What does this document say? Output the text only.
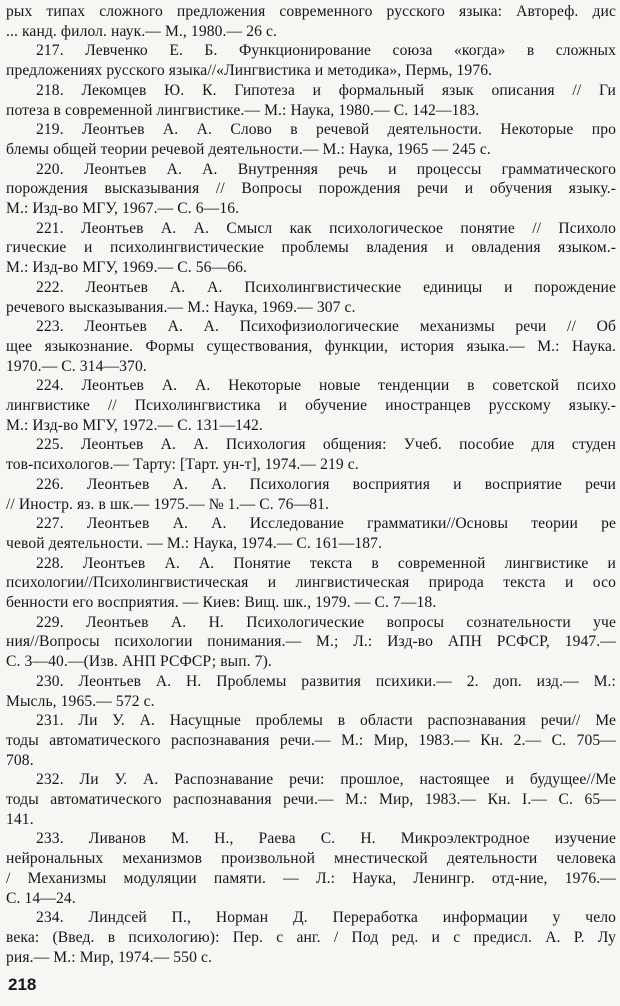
рых типах сложного предложения современного русского языка: Автореф. дис
... канд. филол. наук.— М., 1980.— 26 с.
217. Левченко Е. Б. Функционирование союза «когда» в сложных
предложениях русского языка//«Лингвистика и методика», Пермь, 1976.
218. Лекомцев Ю. К. Гипотеза и формальный язык описания // Ги
потеза в современной лингвистике.— М.: Наука, 1980.— С. 142—183.
219. Леонтьев А. А. Слово в речевой деятельности. Некоторые про
блемы общей теории речевой деятельности.— М.: Наука, 1965 — 245 с.
220. Леонтьев А. А. Внутренняя речь и процессы грамматического
порождения высказывания // Вопросы порождения речи и обучения языку.-
М.: Изд-во МГУ, 1967.— С. 6—16.
221. Леонтьев А. А. Смысл как психологическое понятие // Психоло
гические и психолингвистические проблемы владения и овладения языком.-
М.: Изд-во МГУ, 1969.— С. 56—66.
222. Леонтьев А. А. Психолингвистические единицы и порождение
речевого высказывания.— М.: Наука, 1969.— 307 с.
223. Леонтьев А. А. Психофизиологические механизмы речи // Об
щее языкознание. Формы существования, функции, история языка.— М.: Наука.
1970.— С. 314—370.
224. Леонтьев А. А. Некоторые новые тенденции в советской психо
лингвистике // Психолингвистика и обучение иностранцев русскому языку.-
М.: Изд-во МГУ, 1972.— С. 131—142.
225. Леонтьев А. А. Психология общения: Учеб. пособие для студен
тов-психологов.— Тарту: [Тарт. ун-т], 1974.— 219 с.
226. Леонтьев А. А. Психология восприятия и восприятие речи
// Иностр. яз. в шк.— 1975.— № 1.— С. 76—81.
227. Леонтьев А. А. Исследование грамматики//Основы теории ре
чевой деятельности. — М.: Наука, 1974.— С. 161—187.
228. Леонтьев А. А. Понятие текста в современной лингвистике и
психологии//Психолингвистическая и лингвистическая природа текста и осо
бенности его восприятия. — Киев: Вищ. шк., 1979. — С. 7—18.
229. Леонтьев А. Н. Психологические вопросы сознательности уче
ния//Вопросы психологии понимания.— М.; Л.: Изд-во АПН РСФСР, 1947.—
С. 3—40.—(Изв. АНП РСФСР; вып. 7).
230. Леонтьев А. Н. Проблемы развития психики.— 2. доп. изд.— М.:
Мысль, 1965.— 572 с.
231. Ли У. А. Насущные проблемы в области распознавания речи// Ме
тоды автоматического распознавания речи.— М.: Мир, 1983.— Кн. 2.— С. 705—
708.
232. Ли У. А. Распознавание речи: прошлое, настоящее и будущее//Ме
тоды автоматического распознавания речи.— М.: Мир, 1983.— Кн. I.— С. 65—
141.
233. Ливанов М. Н., Раева С. Н. Микроэлектродное изучение
нейрональных механизмов произвольной мнестической деятельности человека
/ Механизмы модуляции памяти. — Л.: Наука, Ленингр. отд-ние, 1976.—
С. 14—24.
234. Линдсей П., Норман Д. Переработка информации у чело
века: (Введ. в психологию): Пер. с анг. / Под ред. и с предисл. А. Р. Лу
рия.— М.: Мир, 1974.— 550 с.
218
